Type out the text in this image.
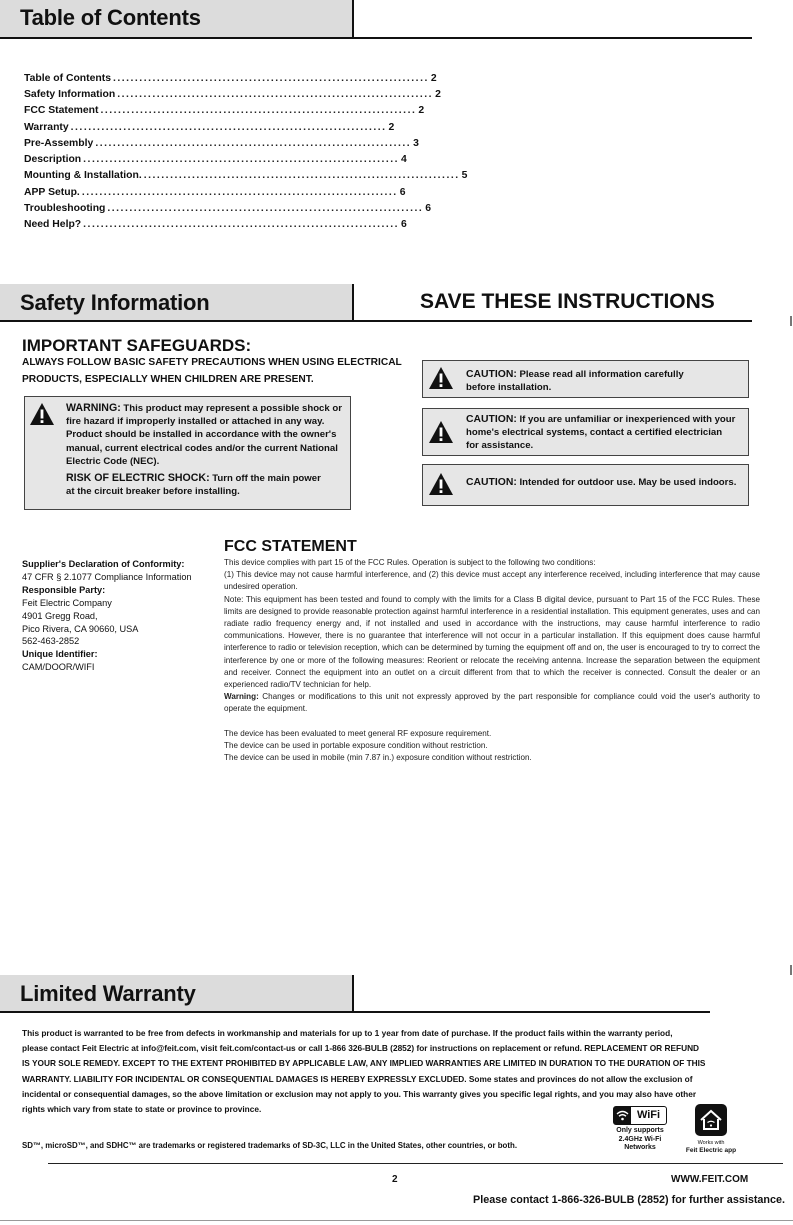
Table of Contents
Table of Contents ........................................................................ 2
Safety Information ........................................................................ 2
FCC Statement ........................................................................ 2
Warranty ........................................................................ 2
Pre-Assembly ........................................................................ 3
Description ........................................................................ 4
Mounting & Installation. ........................................................................ 5
APP Setup. ........................................................................ 6
Troubleshooting ........................................................................ 6
Need Help? ........................................................................ 6
Safety Information	SAVE THESE INSTRUCTIONS
IMPORTANT SAFEGUARDS:
ALWAYS FOLLOW BASIC SAFETY PRECAUTIONS WHEN USING ELECTRICAL
PRODUCTS, ESPECIALLY WHEN CHILDREN ARE PRESENT.
WARNING: This product may represent a possible shock or
fire hazard if improperly installed or attached in any way.
Product should be installed in accordance with the owner's
manual, current electrical codes and/or the current National
Electric Code (NEC).
RISK OF ELECTRIC SHOCK: Turn off the main power
at the circuit breaker before installing.
CAUTION: Please read all information carefully
before installation.
CAUTION: If you are unfamiliar or inexperienced with your
home's electrical systems, contact a certified electrician
for assistance.
CAUTION: Intended for outdoor use. May be used indoors.
Supplier's Declaration of Conformity:
47 CFR § 2.1077 Compliance Information
Responsible Party:
Feit Electric Company
4901 Gregg Road,
Pico Rivera, CA 90660, USA
562-463-2852
Unique Identifier:
CAM/DOOR/WIFI
FCC STATEMENT

This device complies with part 15 of the FCC Rules. Operation is subject to the following two conditions:

(1) This device may not cause harmful interference, and (2) this device must accept any interference received, including interference that may cause undesired operation.

Note: This equipment has been tested and found to comply with the limits for a Class B digital device, pursuant to Part 15 of the FCC Rules. These limits are designed to provide reasonable protection against harmful interference in a residential installation. This equipment generates, uses and can radiate radio frequency energy and, if not installed and used in accordance with the instructions, may cause harmful interference to radio communications. However, there is no guarantee that interference will not occur in a particular installation. If this equipment does cause harmful interference to radio or television reception, which can be determined by turning the equipment off and on, the user is encouraged to try to correct the interference by one or more of the following measures: Reorient or relocate the receiving antenna. Increase the separation between the equipment and receiver. Connect the equipment into an outlet on a circuit different from that to which the receiver is connected. Consult the dealer or an experienced radio/TV technician for help.

Warning: Changes or modifications to this unit not expressly approved by the part responsible for compliance could void the user's authority to operate the equipment.

The device has been evaluated to meet general RF exposure requirement.

The device can be used in portable exposure condition without restriction.

The device can be used in mobile (min 7.87 in.) exposure condition without restriction.

Limited Warranty
This product is warranted to be free from defects in workmanship and materials for up to 1 year from date of purchase. If the product fails within the warranty period,
please contact Feit Electric at info@feit.com, visit feit.com/contact-us or call 1-866 326-BULB (2852) for instructions on replacement or refund. REPLACEMENT OR REFUND
IS YOUR SOLE REMEDY. EXCEPT TO THE EXTENT PROHIBITED BY APPLICABLE LAW, ANY IMPLIED WARRANTIES ARE LIMITED IN DURATION TO THE DURATION OF THIS
WARRANTY. LIABILITY FOR INCIDENTAL OR CONSEQUENTIAL DAMAGES IS HEREBY EXPRESSLY EXCLUDED. Some states and provinces do not allow the exclusion of
incidental or consequential damages, so the above limitation or exclusion may not apply to you. This warranty gives you specific legal rights, and you may also have other
rights which vary from state to state or province to province.
SD™, microSD™, and SDHC™ are trademarks or registered trademarks of SD-3C, LLC in the United States, other countries, or both.
WiFi
Only supports
2.4GHz Wi-Fi
Networks
Works with
Feit Electric app
2	WWW.FEIT.COM
Please contact 1-866-326-BULB (2852) for further assistance.
